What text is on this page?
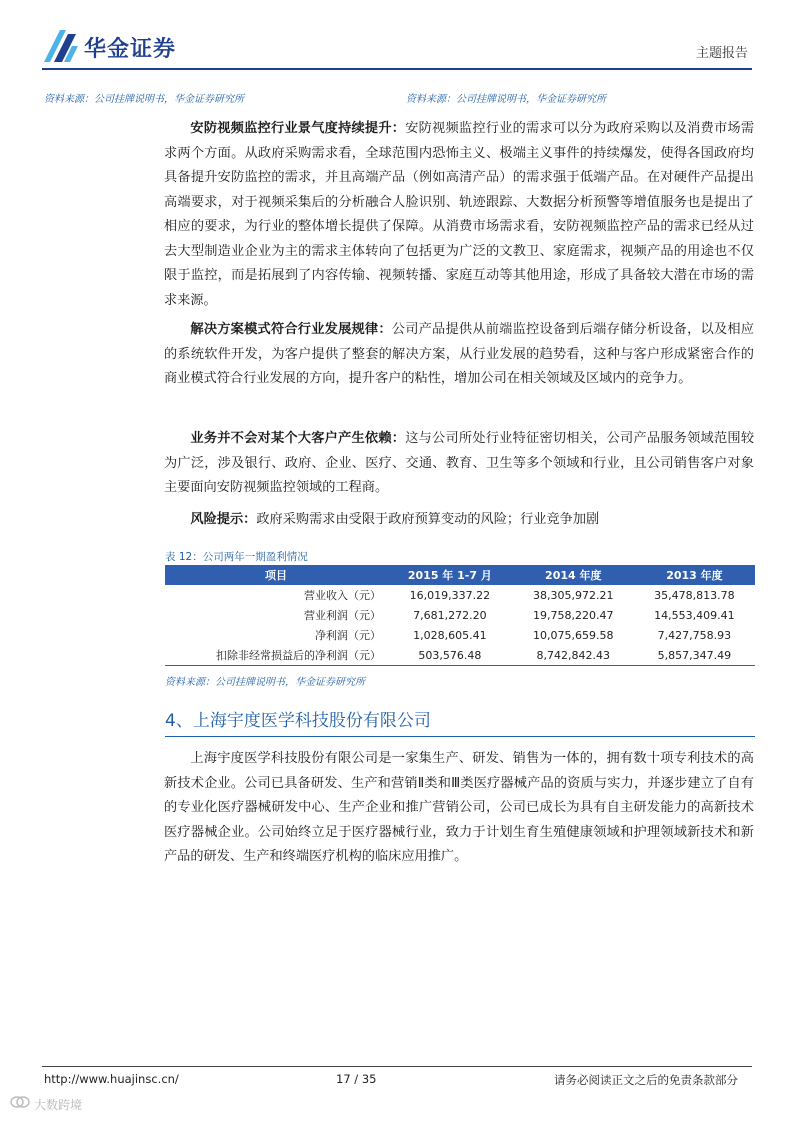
华金证券	主题报告
资料来源：公司挂牌说明书，华金证券研究所	资料来源：公司挂牌说明书，华金证券研究所

安防视频监控行业景气度持续提升：安防视频监控行业的需求可以分为政府采购以及消费市场需求两个方面。从政府采购需求看，全球范围内恐怖主义、极端主义事件的持续爆发，使得各国政府均具备提升安防监控的需求，并且高端产品（例如高清产品）的需求强于低端产品。在对硬件产品提出高端要求，对于视频采集后的分析融合人脸识别、轨迹跟踪、大数据分析预警等增值服务也是提出了相应的要求，为行业的整体增长提供了保障。从消费市场需求看，安防视频监控产品的需求已经从过去大型制造业企业为主的需求主体转向了包括更为广泛的文教卫、家庭需求，视频产品的用途也不仅限于监控，而是拓展到了内容传输、视频转播、家庭互动等其他用途，形成了具备较大潜在市场的需求来源。

解决方案模式符合行业发展规律：公司产品提供从前端监控设备到后端存储分析设备，以及相应的系统软件开发，为客户提供了整套的解决方案，从行业发展的趋势看，这种与客户形成紧密合作的商业模式符合行业发展的方向，提升客户的粘性，增加公司在相关领域及区域内的竞争力。

业务并不会对某个大客户产生依赖：这与公司所处行业特征密切相关，公司产品服务领域范围较为广泛，涉及银行、政府、企业、医疗、交通、教育、卫生等多个领域和行业，且公司销售客户对象主要面向安防视频监控领域的工程商。

风险提示：政府采购需求由受限于政府预算变动的风险；行业竞争加剧

表 12：公司两年一期盈利情况
项目	2015 年 1-7 月	2014 年度	2013 年度
营业收入（元）	16,019,337.22	38,305,972.21	35,478,813.78
营业利润（元）	7,681,272.20	19,758,220.47	14,553,409.41
净利润（元）	1,028,605.41	10,075,659.58	7,427,758.93
扣除非经常损益后的净利润（元）	503,576.48	8,742,842.43	5,857,347.49
资料来源：公司挂牌说明书，华金证券研究所
4、上海宇度医学科技股份有限公司

上海宇度医学科技股份有限公司是一家集生产、研发、销售为一体的，拥有数十项专利技术的高新技术企业。公司已具备研发、生产和营销Ⅱ类和Ⅲ类医疗器械产品的资质与实力，并逐步建立了自有的专业化医疗器械研发中心、生产企业和推广营销公司，公司已成长为具有自主研发能力的高新技术医疗器械企业。公司始终立足于医疗器械行业，致力于计划生育生殖健康领域和护理领域新技术和新产品的研发、生产和终端医疗机构的临床应用推广。

http://www.huajinsc.cn/	17 / 35	请务必阅读正文之后的免责条款部分
大数跨境
